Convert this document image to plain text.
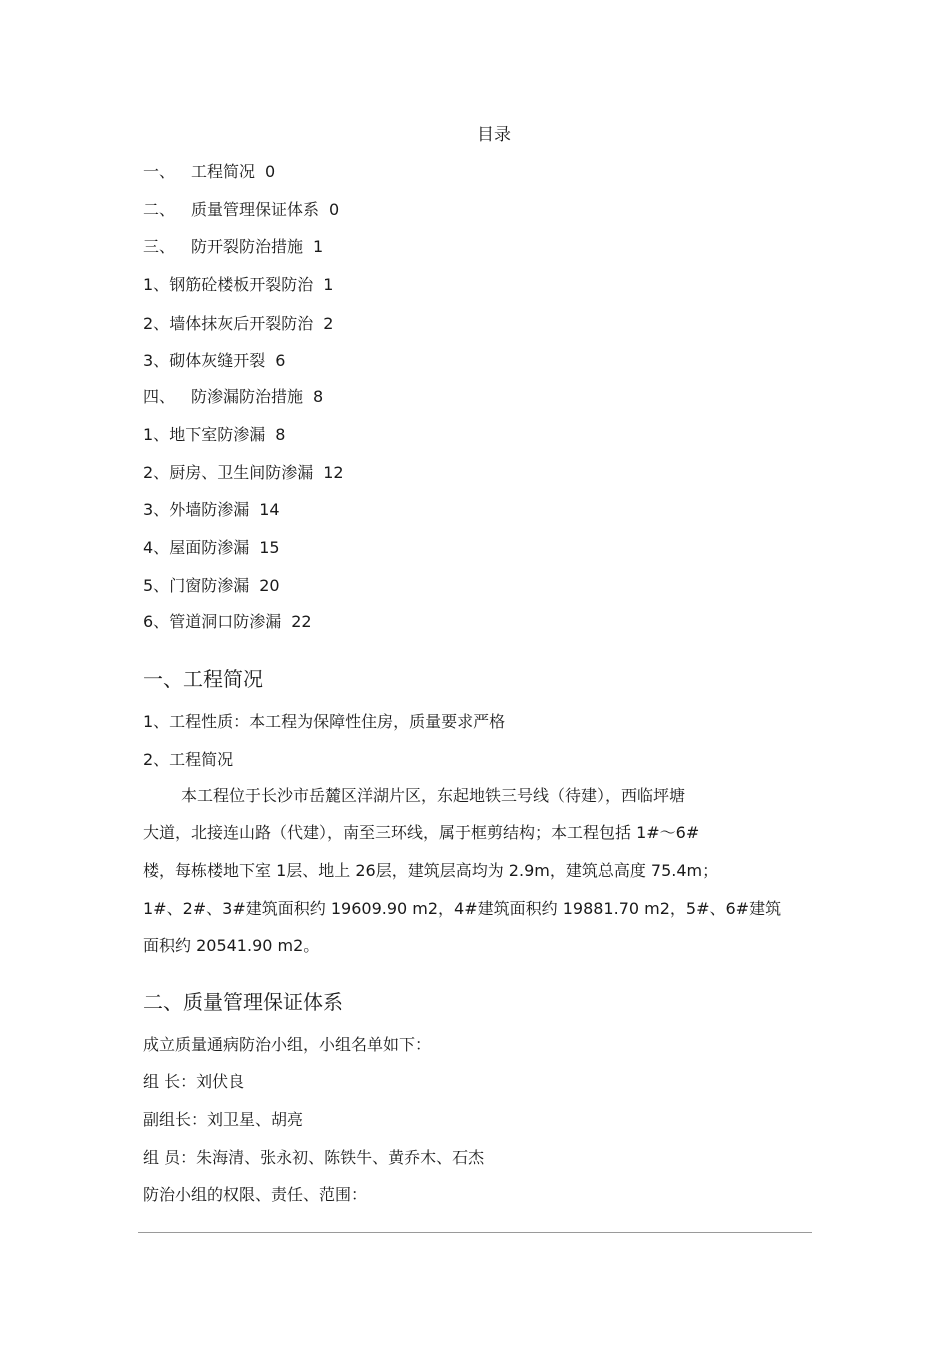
目录
一、 工程简况 0
二、 质量管理保证体系 0
三、 防开裂防治措施 1
1、钢筋砼楼板开裂防治 1
2、墙体抹灰后开裂防治 2
3、砌体灰缝开裂 6
四、 防渗漏防治措施 8
1、地下室防渗漏 8
2、厨房、卫生间防渗漏 12
3、外墙防渗漏 14
4、屋面防渗漏 15
5、门窗防渗漏 20
6、管道洞口防渗漏 22
一、工程简况
1、工程性质：本工程为保障性住房，质量要求严格
2、工程简况
本工程位于长沙市岳麓区洋湖片区，东起地铁三号线（待建），西临坪塘
大道，北接连山路（代建），南至三环线，属于框剪结构；本工程包括 1#～6#
楼，每栋楼地下室 1层、地上 26层，建筑层高均为 2.9m，建筑总高度 75.4m；
1#、2#、3#建筑面积约 19609.90 m2，4#建筑面积约 19881.70 m2，5#、6#建筑
面积约 20541.90 m2。
二、质量管理保证体系
成立质量通病防治小组，小组名单如下：
组 长：刘伏良
副组长：刘卫星、胡亮
组 员：朱海清、张永初、陈铁牛、黄乔木、石杰
防治小组的权限、责任、范围：
